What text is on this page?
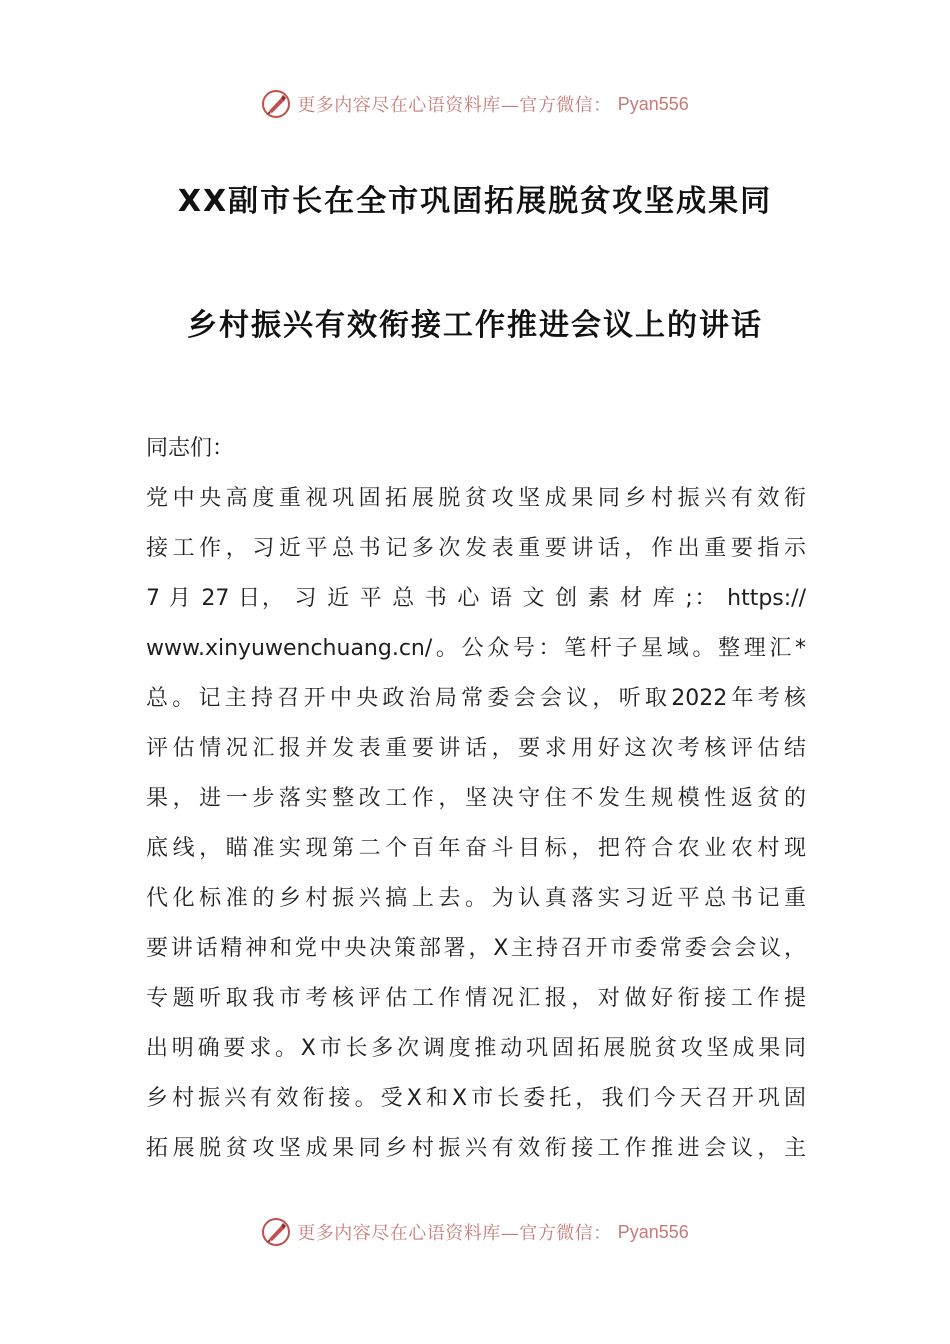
更多内容尽在心语资料库—官方微信： Pyan556
XX副市长在全市巩固拓展脱贫攻坚成果同
乡村振兴有效衔接工作推进会议上的讲话
同志们：
党中央高度重视巩固拓展脱贫攻坚成果同乡村振兴有效衔
接工作，习近平总书记多次发表重要讲话，作出重要指示
7 月 27 日， 习 近 平 总 书 心 语 文 创 素 材 库 ;： https://
www.xinyuwenchuang.cn/。公众号：笔杆子星域。整理汇*
总。记主持召开中央政治局常委会会议，听取2022年考核
评估情况汇报并发表重要讲话，要求用好这次考核评估结
果，进一步落实整改工作，坚决守住不发生规模性返贫的
底线，瞄准实现第二个百年奋斗目标，把符合农业农村现
代化标准的乡村振兴搞上去。为认真落实习近平总书记重
要讲话精神和党中央决策部署，X主持召开市委常委会会议，
专题听取我市考核评估工作情况汇报，对做好衔接工作提
出明确要求。X市长多次调度推动巩固拓展脱贫攻坚成果同
乡村振兴有效衔接。受X和X市长委托，我们今天召开巩固
拓展脱贫攻坚成果同乡村振兴有效衔接工作推进会议，主
更多内容尽在心语资料库—官方微信： Pyan556
